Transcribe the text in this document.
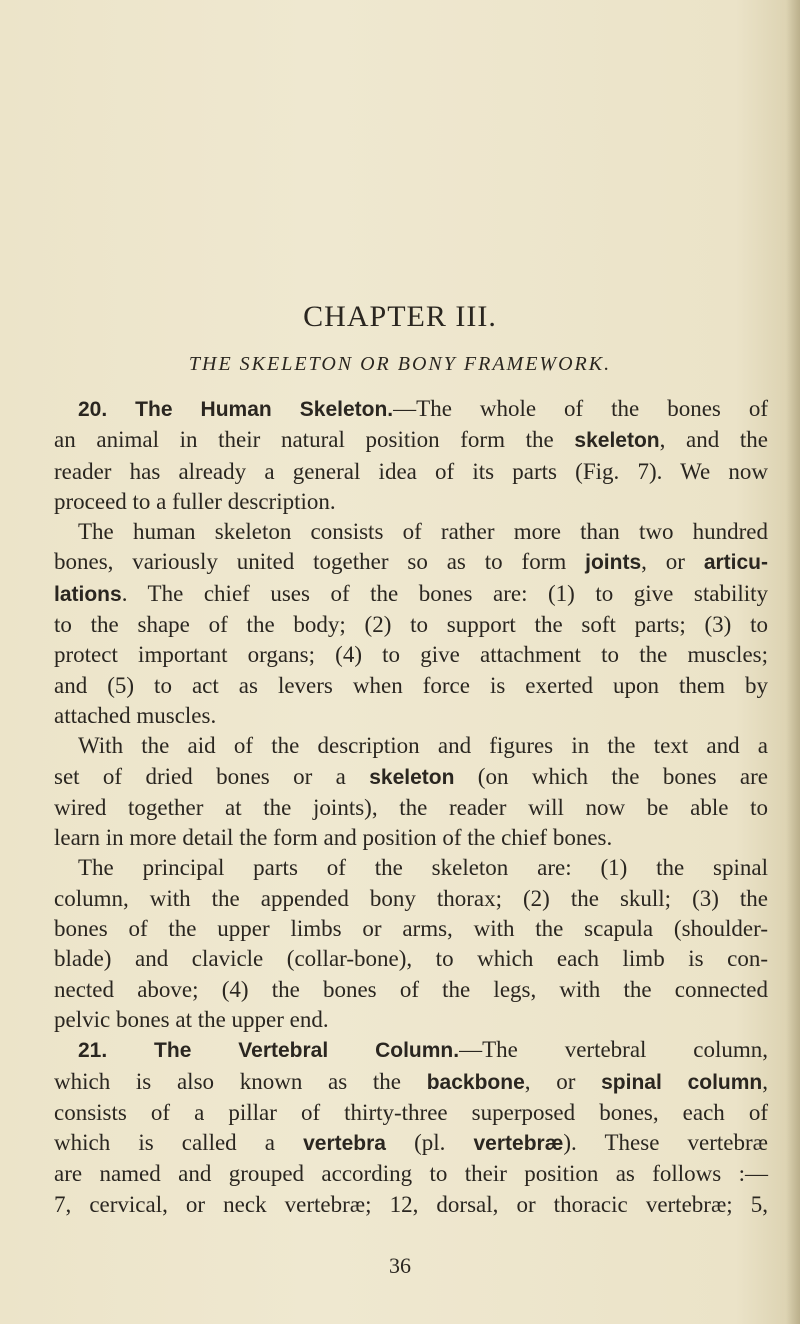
CHAPTER III.
THE SKELETON OR BONY FRAMEWORK.
20. The Human Skeleton.—The whole of the bones of
an animal in their natural position form the skeleton, and the
reader has already a general idea of its parts (Fig. 7). We now
proceed to a fuller description.
The human skeleton consists of rather more than two hundred
bones, variously united together so as to form joints, or articu-
lations. The chief uses of the bones are: (1) to give stability
to the shape of the body; (2) to support the soft parts; (3) to
protect important organs; (4) to give attachment to the muscles;
and (5) to act as levers when force is exerted upon them by
attached muscles.
With the aid of the description and figures in the text and a
set of dried bones or a skeleton (on which the bones are
wired together at the joints), the reader will now be able to
learn in more detail the form and position of the chief bones.
The principal parts of the skeleton are: (1) the spinal
column, with the appended bony thorax; (2) the skull; (3) the
bones of the upper limbs or arms, with the scapula (shoulder-
blade) and clavicle (collar-bone), to which each limb is con-
nected above; (4) the bones of the legs, with the connected
pelvic bones at the upper end.
21. The Vertebral Column.—The vertebral column,
which is also known as the backbone, or spinal column,
consists of a pillar of thirty-three superposed bones, each of
which is called a vertebra (pl. vertebræ). These vertebræ
are named and grouped according to their position as follows :—
7, cervical, or neck vertebræ; 12, dorsal, or thoracic vertebræ; 5,
36
